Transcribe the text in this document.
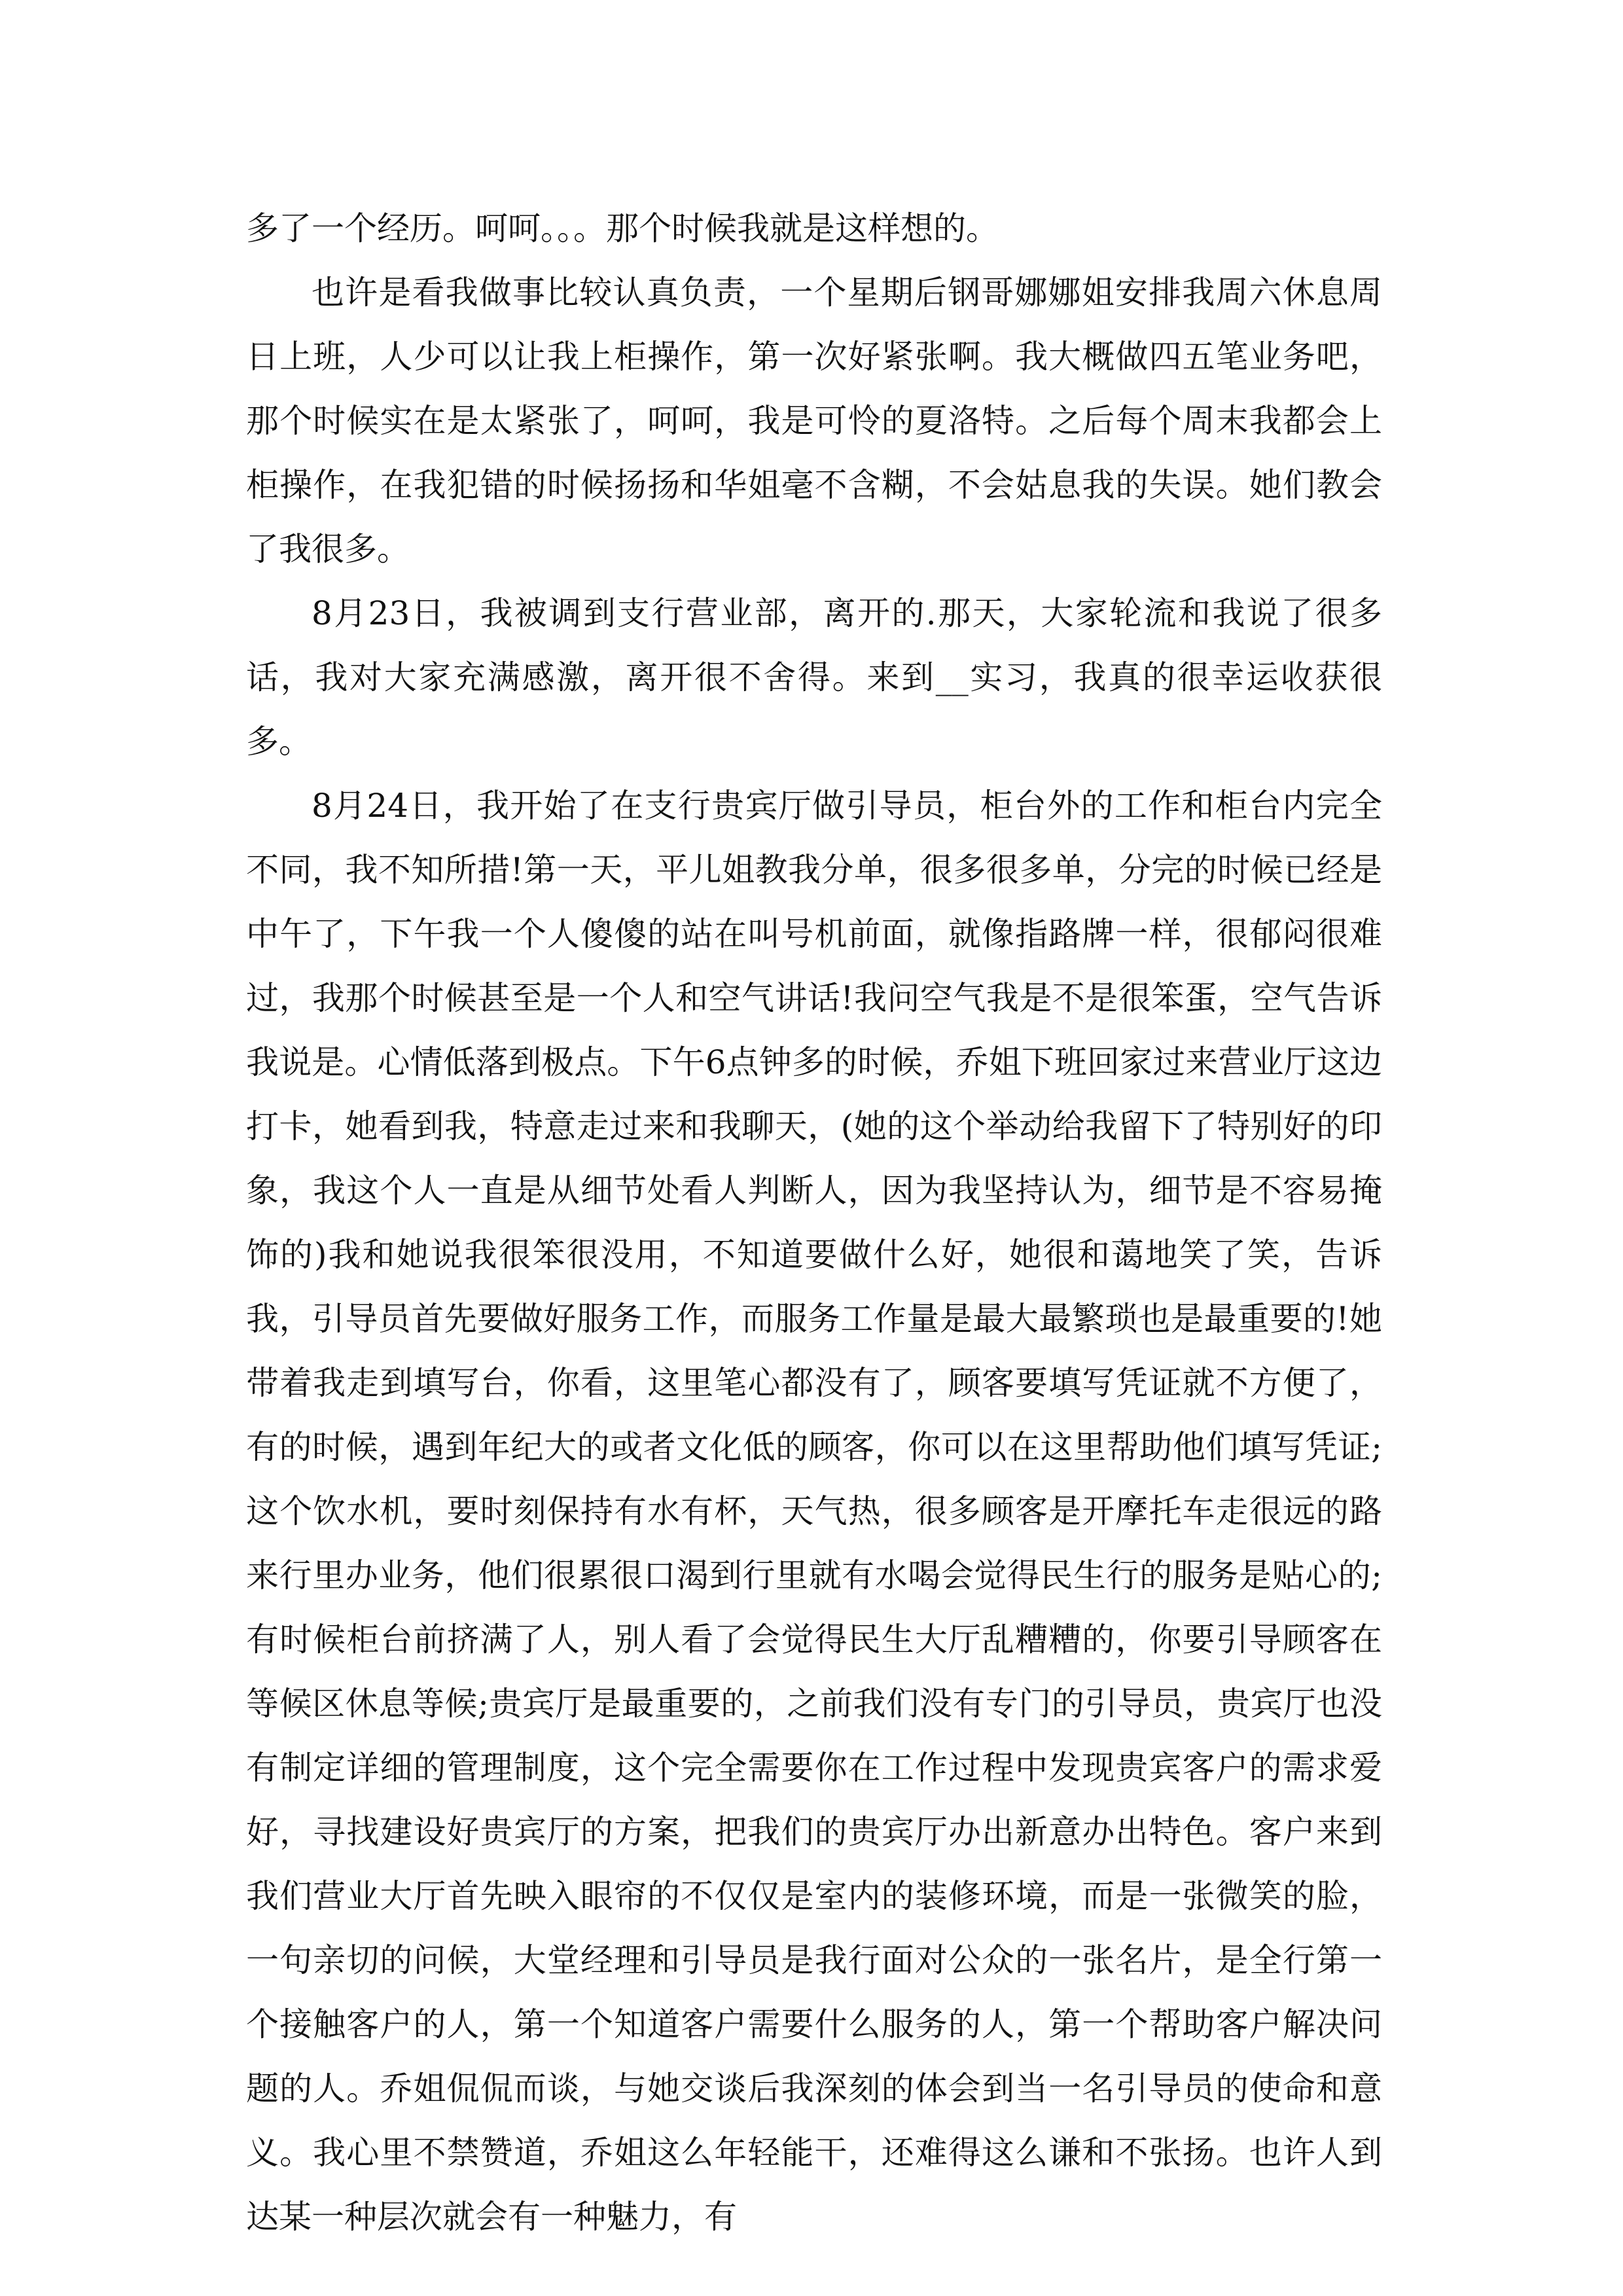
多了一个经历。呵呵。。。那个时候我就是这样想的。

也许是看我做事比较认真负责，一个星期后钢哥娜娜姐安排我周六休息周日上班，人少可以让我上柜操作，第一次好紧张啊。我大概做四五笔业务吧，那个时候实在是太紧张了，呵呵，我是可怜的夏洛特。之后每个周末我都会上柜操作，在我犯错的时候扬扬和华姐毫不含糊，不会姑息我的失误。她们教会了我很多。

8月23日，我被调到支行营业部，离开的.那天，大家轮流和我说了很多话，我对大家充满感激，离开很不舍得。来到__实习，我真的很幸运收获很多。

8月24日，我开始了在支行贵宾厅做引导员，柜台外的工作和柜台内完全不同，我不知所措!第一天，平儿姐教我分单，很多很多单，分完的时候已经是中午了，下午我一个人傻傻的站在叫号机前面，就像指路牌一样，很郁闷很难过，我那个时候甚至是一个人和空气讲话!我问空气我是不是很笨蛋，空气告诉我说是。心情低落到极点。下午6点钟多的时候，乔姐下班回家过来营业厅这边打卡，她看到我，特意走过来和我聊天，(她的这个举动给我留下了特别好的印象，我这个人一直是从细节处看人判断人，因为我坚持认为，细节是不容易掩饰的)我和她说我很笨很没用，不知道要做什么好，她很和蔼地笑了笑，告诉我，引导员首先要做好服务工作，而服务工作量是最大最繁琐也是最重要的!她带着我走到填写台，你看，这里笔心都没有了，顾客要填写凭证就不方便了，有的时候，遇到年纪大的或者文化低的顾客，你可以在这里帮助他们填写凭证;这个饮水机，要时刻保持有水有杯，天气热，很多顾客是开摩托车走很远的路来行里办业务，他们很累很口渴到行里就有水喝会觉得民生行的服务是贴心的;有时候柜台前挤满了人，别人看了会觉得民生大厅乱糟糟的，你要引导顾客在等候区休息等候;贵宾厅是最重要的，之前我们没有专门的引导员，贵宾厅也没有制定详细的管理制度，这个完全需要你在工作过程中发现贵宾客户的需求爱好，寻找建设好贵宾厅的方案，把我们的贵宾厅办出新意办出特色。客户来到我们营业大厅首先映入眼帘的不仅仅是室内的装修环境，而是一张微笑的脸，一句亲切的问候，大堂经理和引导员是我行面对公众的一张名片，是全行第一个接触客户的人，第一个知道客户需要什么服务的人，第一个帮助客户解决问题的人。乔姐侃侃而谈，与她交谈后我深刻的体会到当一名引导员的使命和意义。我心里不禁赞道，乔姐这么年轻能干，还难得这么谦和不张扬。也许人到达某一种层次就会有一种魅力，有
